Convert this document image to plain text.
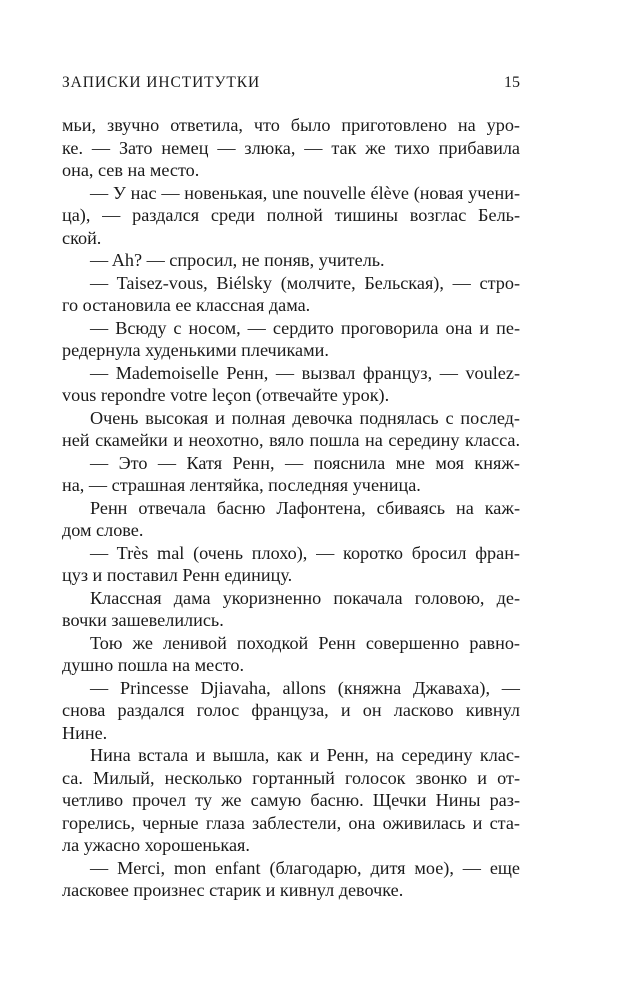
ЗАПИСКИ ИНСТИТУТКИ	15
мьи, звучно ответила, что было приготовлено на уро-
ке. — Зато немец — злюка, — так же тихо прибавила
она, сев на место.
— У нас — новенькая, une nouvelle élève (новая учени-
ца), — раздался среди полной тишины возглас Бель-
ской.
— Ah? — спросил, не поняв, учитель.
— Taisez-vous, Biélsky (молчите, Бельская), — стро-
го остановила ее классная дама.
— Всюду с носом, — сердито проговорила она и пе-
редернула худенькими плечиками.
— Mademoiselle Ренн, — вызвал француз, — voulez-
vous repondre votre leçon (отвечайте урок).
Очень высокая и полная девочка поднялась с послед-
ней скамейки и неохотно, вяло пошла на середину класса.
— Это — Катя Ренн, — пояснила мне моя княж-
на, — страшная лентяйка, последняя ученица.
Ренн отвечала басню Лафонтена, сбиваясь на каж-
дом слове.
— Très mal (очень плохо), — коротко бросил фран-
цуз и поставил Ренн единицу.
Классная дама укоризненно покачала головою, де-
вочки зашевелились.
Тою же ленивой походкой Ренн совершенно равно-
душно пошла на место.
— Princesse Djiavaha, allons (княжна Джаваха), —
снова раздался голос француза, и он ласково кивнул
Нине.
Нина встала и вышла, как и Ренн, на середину клас-
са. Милый, несколько гортанный голосок звонко и от-
четливо прочел ту же самую басню. Щечки Нины раз-
горелись, черные глаза заблестели, она оживилась и ста-
ла ужасно хорошенькая.
— Merci, mon enfant (благодарю, дитя мое), — еще
ласковее произнес старик и кивнул девочке.
